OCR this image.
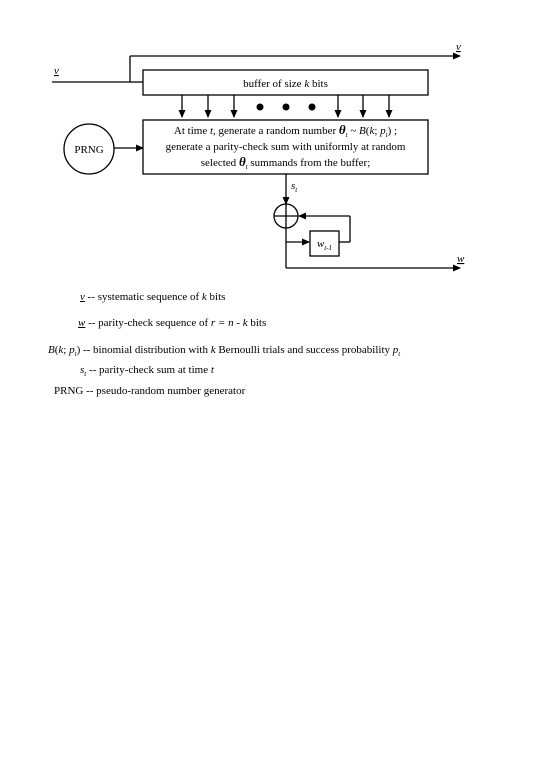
v
v
buffer of size k bits
PRNG
At time t, generate a random number $\theta_t$ ~ B(k; $p_t$) ;
generate a parity-check sum with uniformly at random
selected $\theta_t$ summands from the buffer;
$s_t$
$w_{t-1}$
w
v -- systematic sequence of k bits
w -- parity-check sequence of r = n - k bits
B(k; $p_t$) -- binomial distribution with k Bernoulli trials and success probability $p_t$
$s_t$ -- parity-check sum at time t
PRNG -- pseudo-random number generator
